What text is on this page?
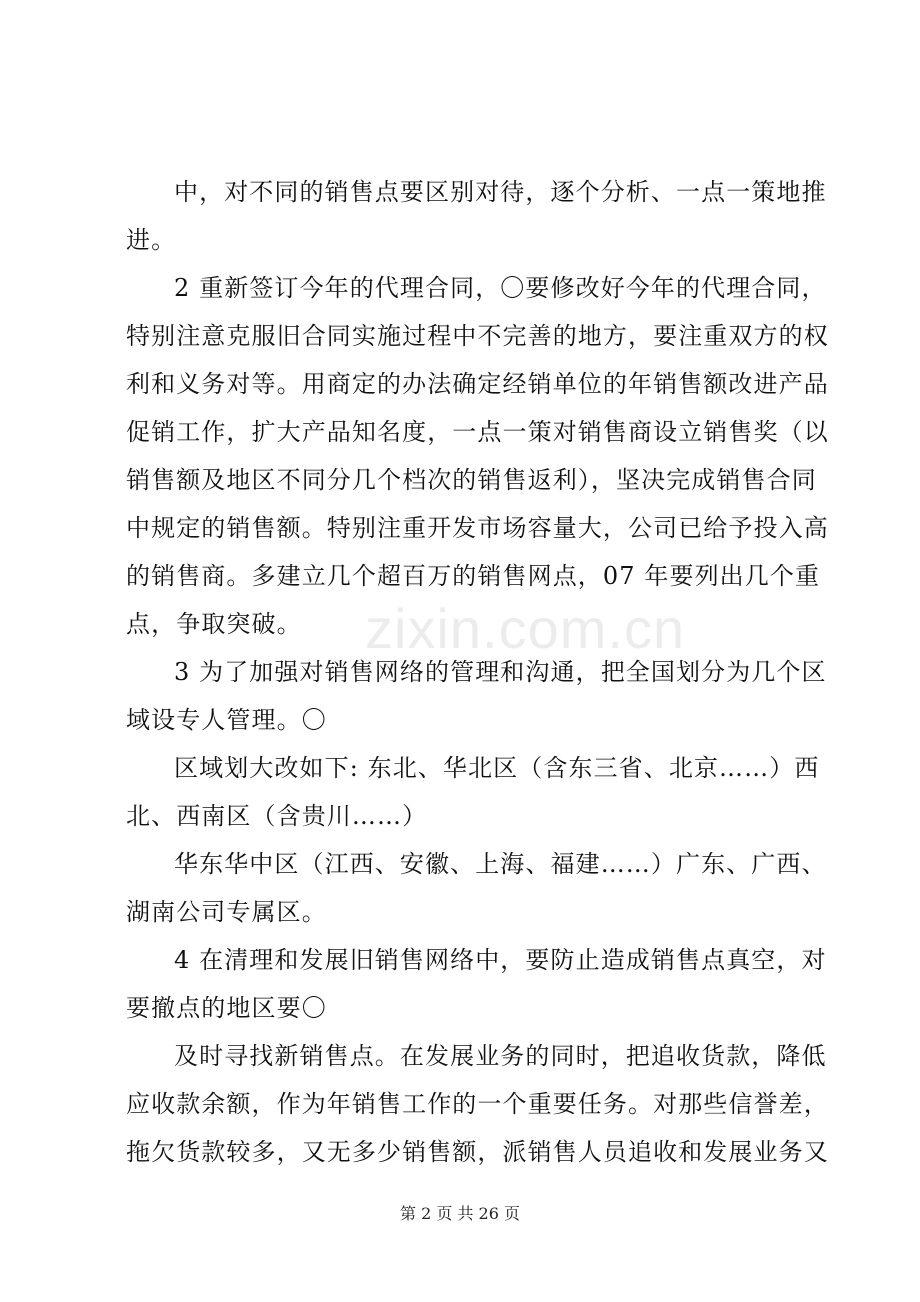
zixin.com.cn
中，对不同的销售点要区别对待，逐个分析、一点一策地推
进。
2 重新签订今年的代理合同，〇要修改好今年的代理合同，
特别注意克服旧合同实施过程中不完善的地方，要注重双方的权
利和义务对等。用商定的办法确定经销单位的年销售额改进产品
促销工作，扩大产品知名度，一点一策对销售商设立销售奖（以
销售额及地区不同分几个档次的销售返利），坚决完成销售合同
中规定的销售额。特别注重开发市场容量大，公司已给予投入高
的销售商。多建立几个超百万的销售网点，07 年要列出几个重
点，争取突破。
3 为了加强对销售网络的管理和沟通，把全国划分为几个区
域设专人管理。〇
区域划大改如下: 东北、华北区（含东三省、北京……）西
北、西南区（含贵川……）
华东华中区（江西、安徽、上海、福建……）广东、广西、
湖南公司专属区。
4 在清理和发展旧销售网络中，要防止造成销售点真空，对
要撤点的地区要〇
及时寻找新销售点。在发展业务的同时，把追收货款，降低
应收款余额，作为年销售工作的一个重要任务。对那些信誉差，
拖欠货款较多，又无多少销售额，派销售人员追收和发展业务又
第 2 页 共 26 页
